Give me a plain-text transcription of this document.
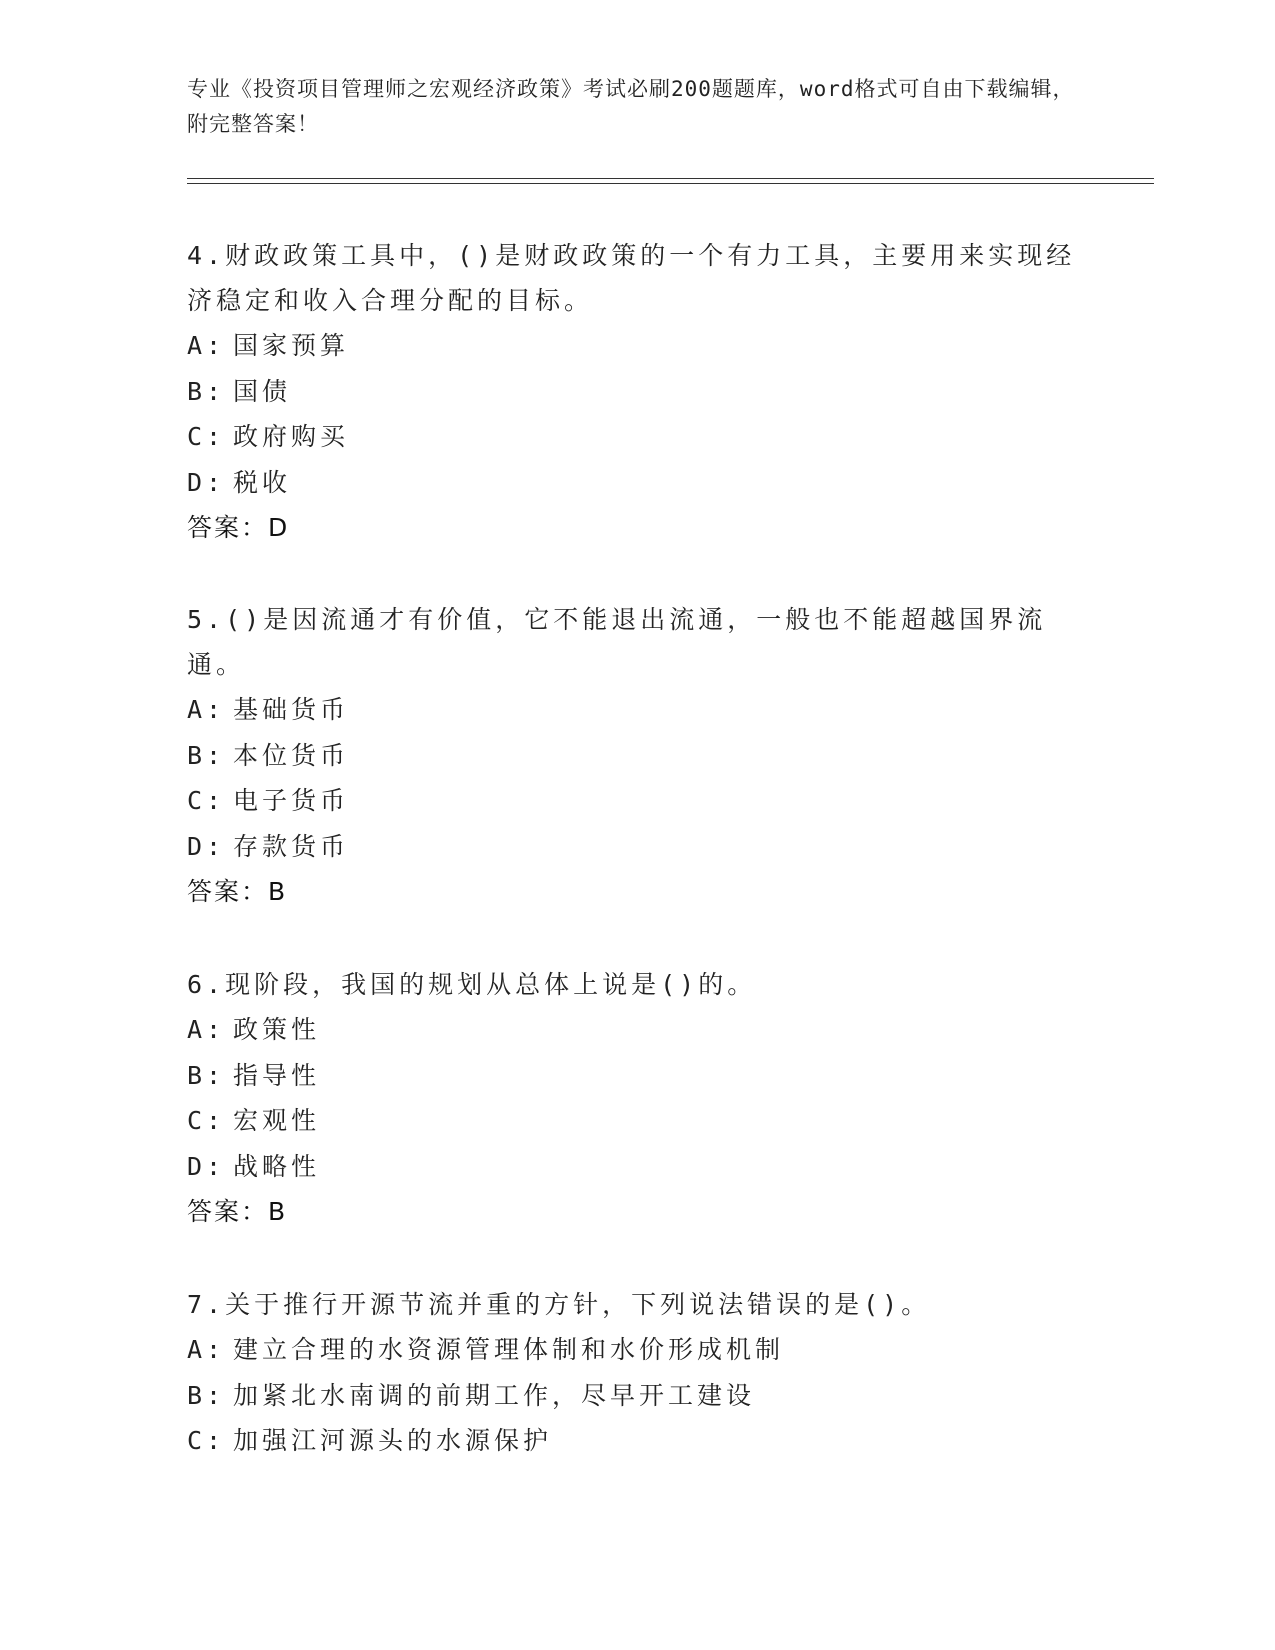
专业《投资项目管理师之宏观经济政策》考试必刷200题题库，word格式可自由下载编辑，附完整答案！

4.财政政策工具中，()是财政政策的一个有力工具，主要用来实现经济稳定和收入合理分配的目标。

A: 国家预算
B: 国债
C: 政府购买
D: 税收
答案：D

5.()是因流通才有价值，它不能退出流通，一般也不能超越国界流通。

A: 基础货币
B: 本位货币
C: 电子货币
D: 存款货币
答案：B

6.现阶段，我国的规划从总体上说是()的。

A: 政策性
B: 指导性
C: 宏观性
D: 战略性
答案：B

7.关于推行开源节流并重的方针，下列说法错误的是()。

A: 建立合理的水资源管理体制和水价形成机制
B: 加紧北水南调的前期工作，尽早开工建设
C: 加强江河源头的水源保护
